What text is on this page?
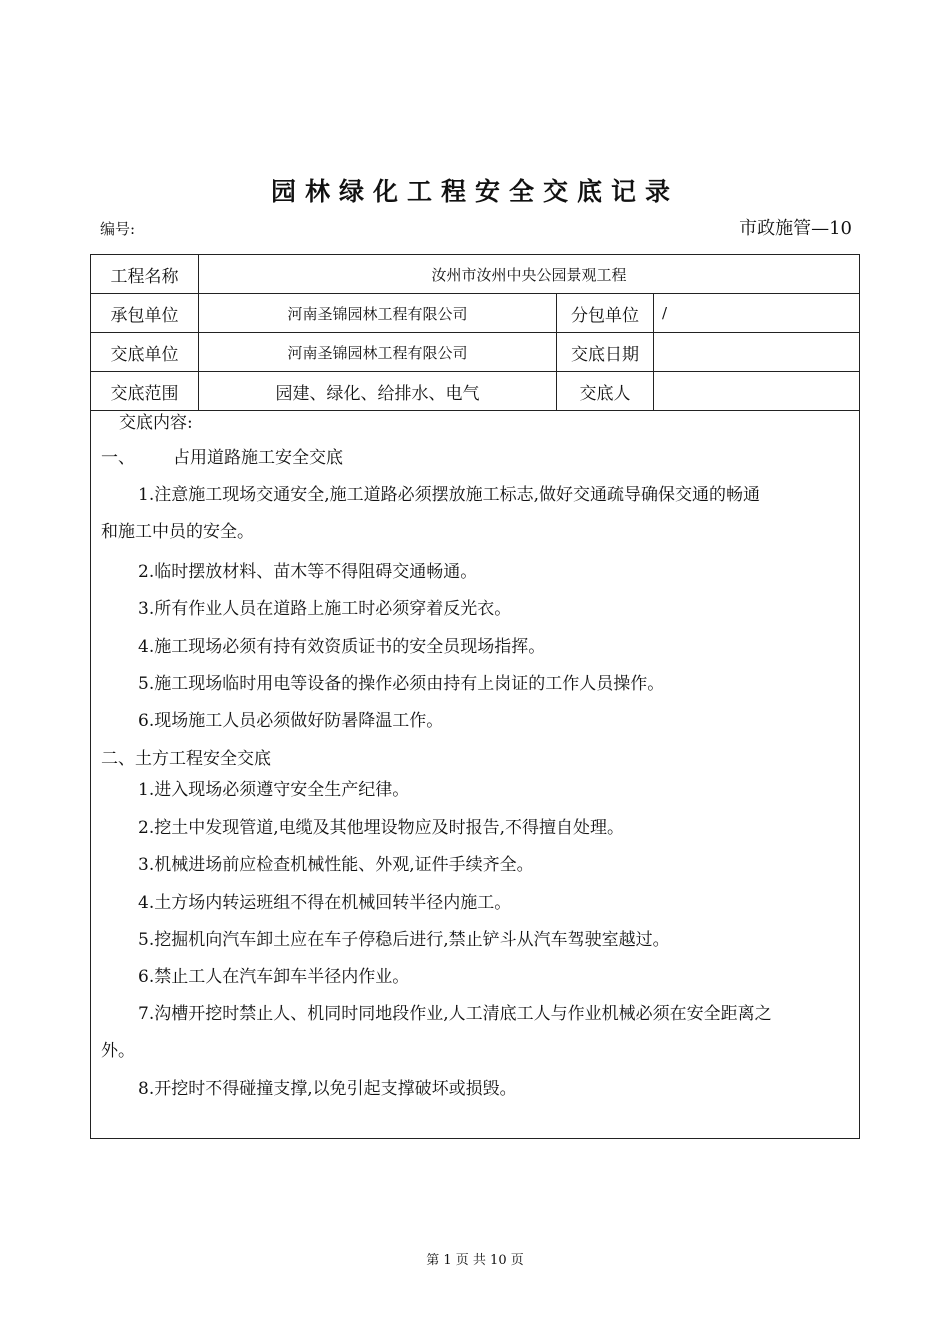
园林绿化工程安全交底记录
编号:	市政施管—10
工程名称	汝州市汝州中央公园景观工程
承包单位	河南圣锦园林工程有限公司	分包单位	/
交底单位	河南圣锦园林工程有限公司	交底日期
交底范围	园建、绿化、给排水、电气	交底人
交底内容:
一、 占用道路施工安全交底
1.注意施工现场交通安全,施工道路必须摆放施工标志,做好交通疏导确保交通的畅通
和施工中员的安全。
2.临时摆放材料、苗木等不得阻碍交通畅通。
3.所有作业人员在道路上施工时必须穿着反光衣。
4.施工现场必须有持有效资质证书的安全员现场指挥。
5.施工现场临时用电等设备的操作必须由持有上岗证的工作人员操作。
6.现场施工人员必须做好防暑降温工作。
二、土方工程安全交底
1.进入现场必须遵守安全生产纪律。
2.挖土中发现管道,电缆及其他埋设物应及时报告,不得擅自处理。
3.机械进场前应检查机械性能、外观,证件手续齐全。
4.土方场内转运班组不得在机械回转半径内施工。
5.挖掘机向汽车卸土应在车子停稳后进行,禁止铲斗从汽车驾驶室越过。
6.禁止工人在汽车卸车半径内作业。
7.沟槽开挖时禁止人、机同时同地段作业,人工清底工人与作业机械必须在安全距离之
外。
8.开挖时不得碰撞支撑,以免引起支撑破坏或损毁。
第 1 页 共 10 页
